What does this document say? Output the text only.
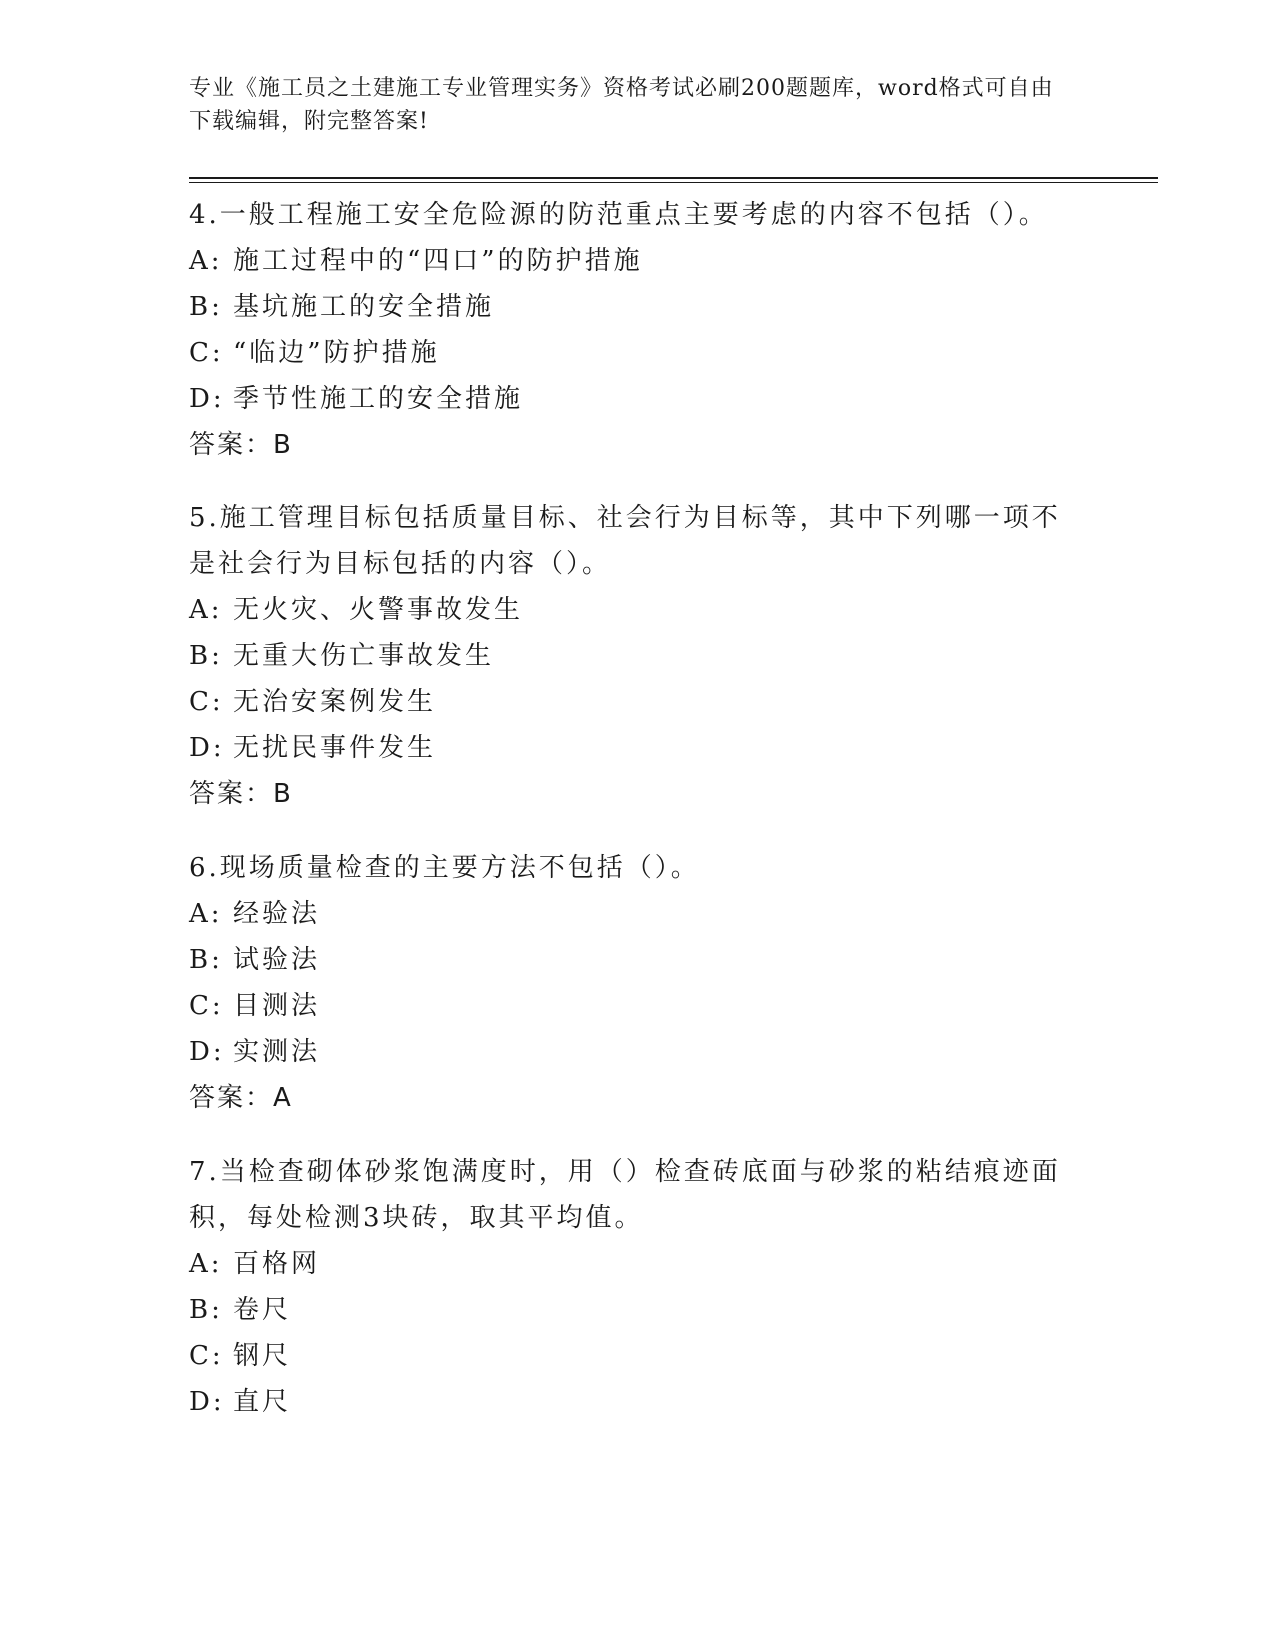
专业《施工员之土建施工专业管理实务》资格考试必刷200题题库，word格式可自由下载编辑，附完整答案!
4.一般工程施工安全危险源的防范重点主要考虑的内容不包括（）。
A: 施工过程中的“四口”的防护措施
B: 基坑施工的安全措施
C: “临边”防护措施
D: 季节性施工的安全措施
答案：B
5.施工管理目标包括质量目标、社会行为目标等，其中下列哪一项不是社会行为目标包括的内容（）。
A: 无火灾、火警事故发生
B: 无重大伤亡事故发生
C: 无治安案例发生
D: 无扰民事件发生
答案：B
6.现场质量检查的主要方法不包括（）。
A: 经验法
B: 试验法
C: 目测法
D: 实测法
答案：A
7.当检查砌体砂浆饱满度时，用（）检查砖底面与砂浆的粘结痕迹面积，每处检测3块砖，取其平均值。
A: 百格网
B: 卷尺
C: 钢尺
D: 直尺
